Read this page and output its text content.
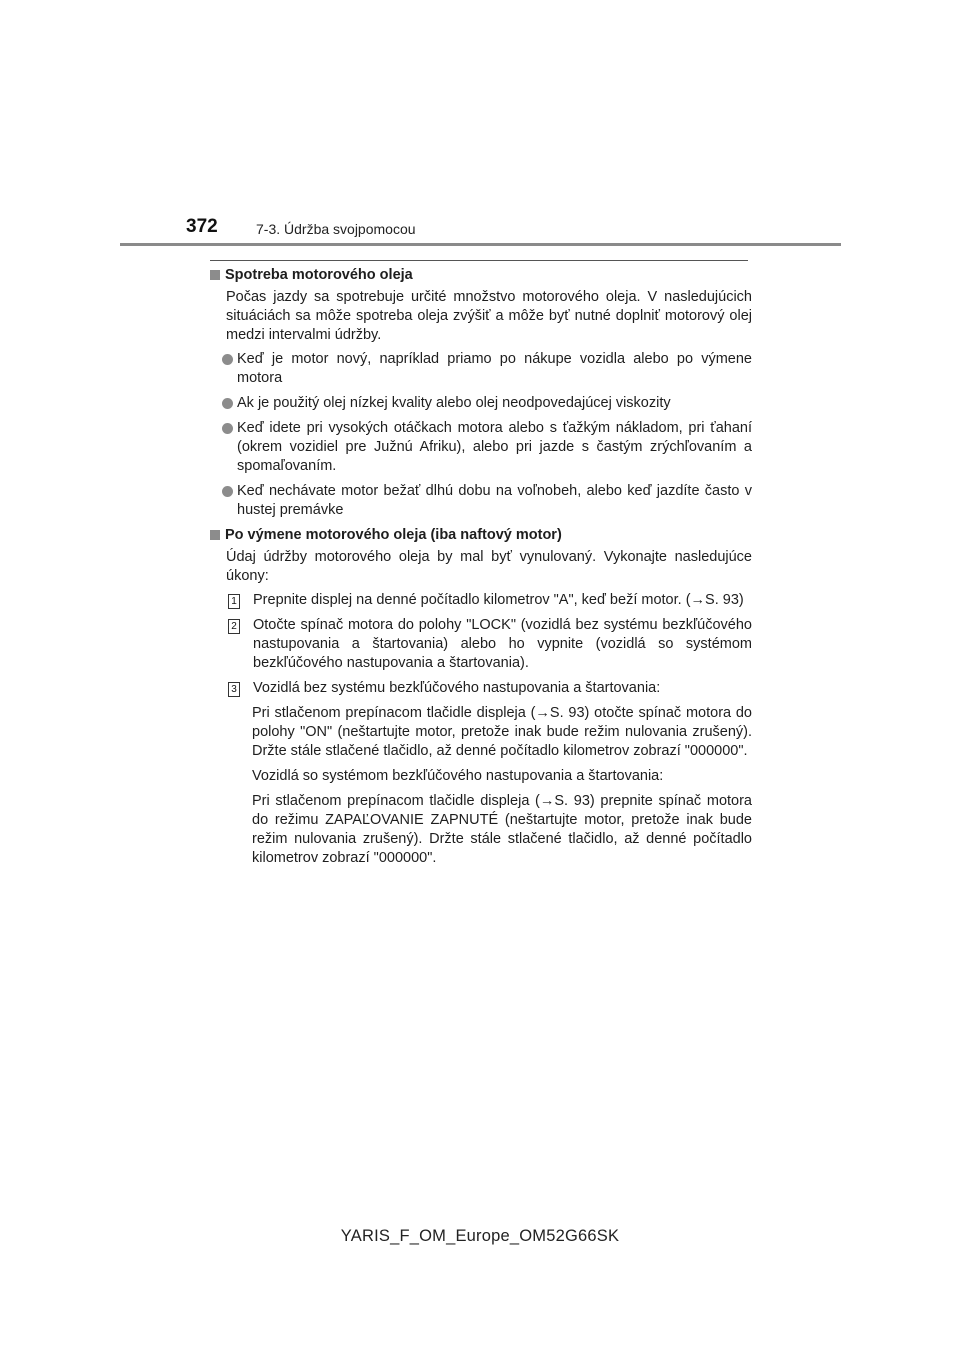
372	7-3. Údržba svojpomocou
Spotreba motorového oleja

Počas jazdy sa spotrebuje určité množstvo motorového oleja. V nasledujúcich situáciách sa môže spotreba oleja zvýšiť a môže byť nutné doplniť motorový olej medzi intervalmi údržby.

Keď je motor nový, napríklad priamo po nákupe vozidla alebo po výmene motora
Ak je použitý olej nízkej kvality alebo olej neodpovedajúcej viskozity
Keď idete pri vysokých otáčkach motora alebo s ťažkým nákladom, pri ťahaní (okrem vozidiel pre Južnú Afriku), alebo pri jazde s častým zrýchľovaním a spomaľovaním.
Keď nechávate motor bežať dlhú dobu na voľnobeh, alebo keď jazdíte často v hustej premávke
Po výmene motorového oleja (iba naftový motor)

Údaj údržby motorového oleja by mal byť vynulovaný. Vykonajte nasledujúce úkony:

1 Prepnite displej na denné počítadlo kilometrov "A", keď beží motor. (→S. 93)
2 Otočte spínač motora do polohy "LOCK" (vozidlá bez systému bezkľúčového nastupovania a štartovania) alebo ho vypnite (vozidlá so systémom bezkľúčového nastupovania a štartovania).
3 Vozidlá bez systému bezkľúčového nastupovania a štartovania:

Pri stlačenom prepínacom tlačidle displeja (→S. 93) otočte spínač motora do polohy "ON" (neštartujte motor, pretože inak bude režim nulovania zrušený). Držte stále stlačené tlačidlo, až denné počítadlo kilometrov zobrazí "000000".

Vozidlá so systémom bezkľúčového nastupovania a štartovania:

Pri stlačenom prepínacom tlačidle displeja (→S. 93) prepnite spínač motora do režimu ZAPAĽOVANIE ZAPNUTÉ (neštartujte motor, pretože inak bude režim nulovania zrušený). Držte stále stlačené tlačidlo, až denné počítadlo kilometrov zobrazí "000000".

YARIS_F_OM_Europe_OM52G66SK
